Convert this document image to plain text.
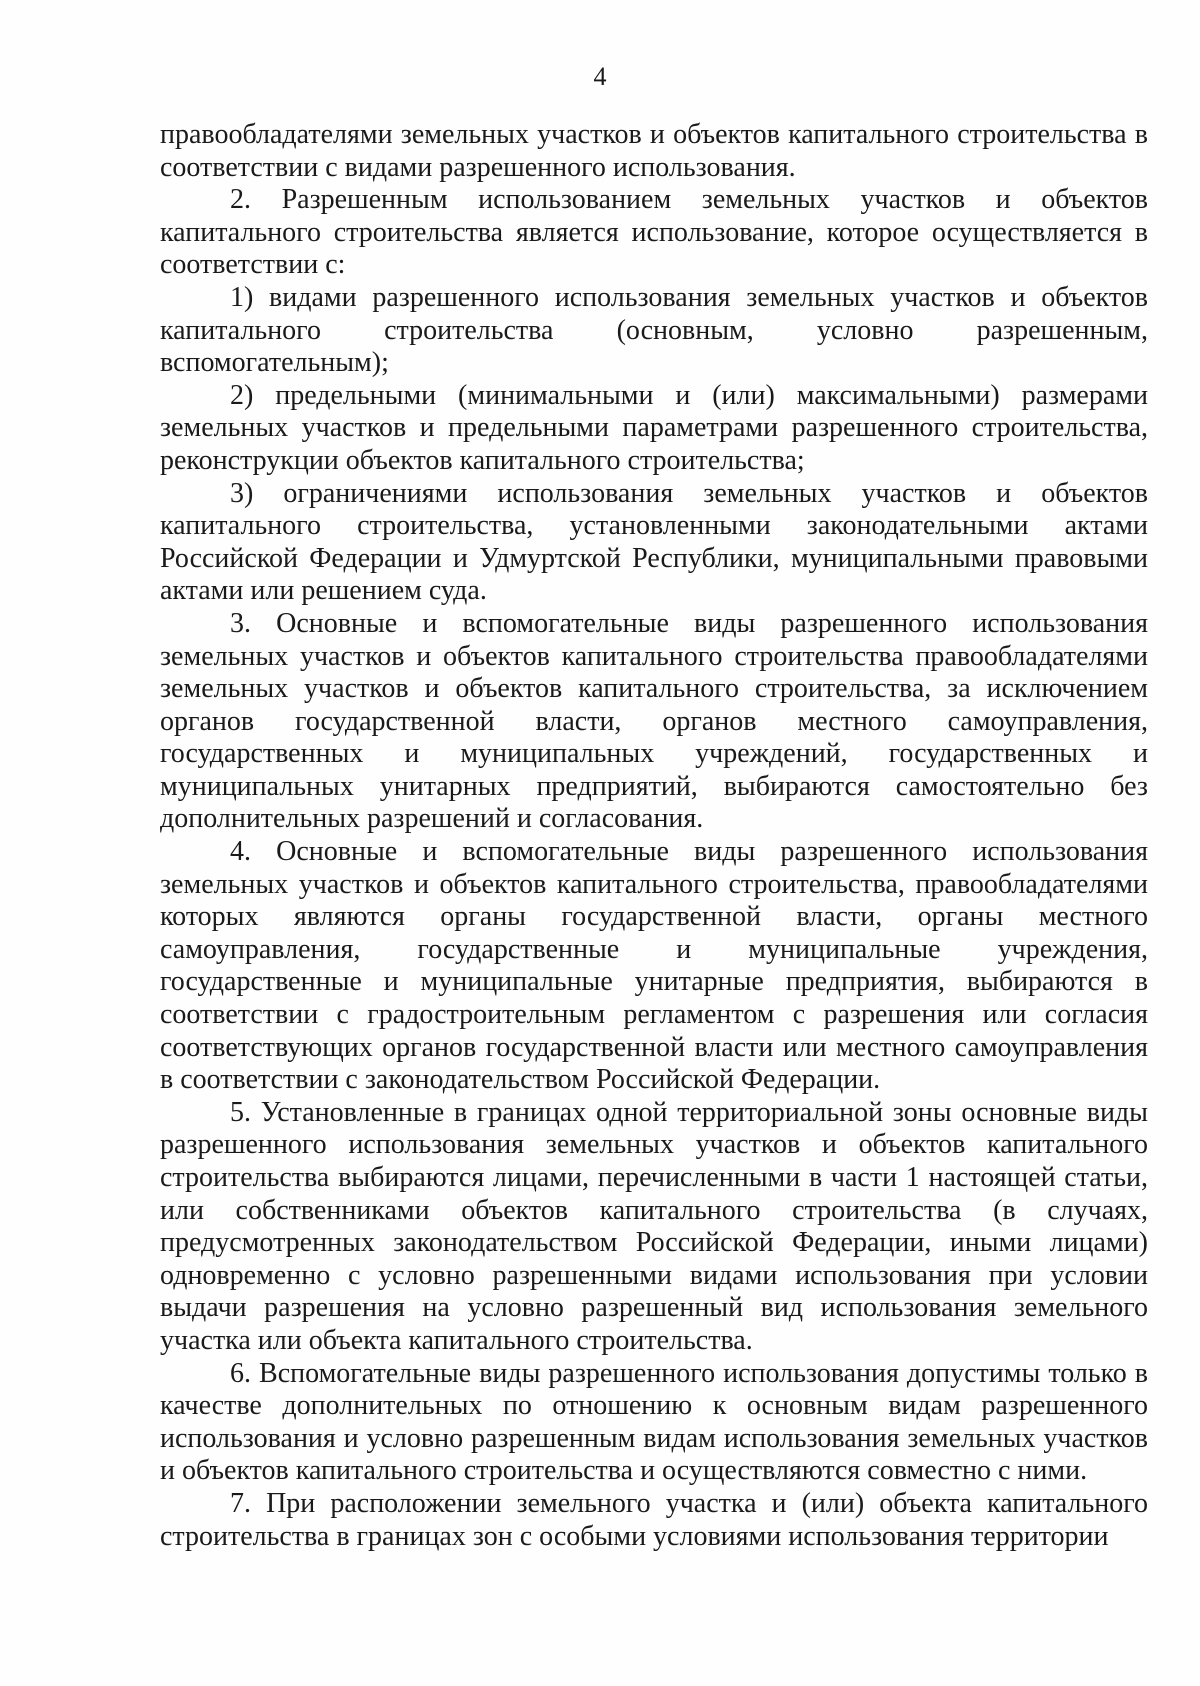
4

правообладателями земельных участков и объектов капитального строительства в соответствии с видами разрешенного использования.

2. Разрешенным использованием земельных участков и объектов капитального строительства является использование, которое осуществляется в соответствии с:

1) видами разрешенного использования земельных участков и объектов капитального строительства (основным, условно разрешенным, вспомогательным);

2) предельными (минимальными и (или) максимальными) размерами земельных участков и предельными параметрами разрешенного строительства, реконструкции объектов капитального строительства;

3) ограничениями использования земельных участков и объектов капитального строительства, установленными законодательными актами Российской Федерации и Удмуртской Республики, муниципальными правовыми актами или решением суда.

3. Основные и вспомогательные виды разрешенного использования земельных участков и объектов капитального строительства правообладателями земельных участков и объектов капитального строительства, за исключением органов государственной власти, органов местного самоуправления, государственных и муниципальных учреждений, государственных и муниципальных унитарных предприятий, выбираются самостоятельно без дополнительных разрешений и согласования.

4. Основные и вспомогательные виды разрешенного использования земельных участков и объектов капитального строительства, правообладателями которых являются органы государственной власти, органы местного самоуправления, государственные и муниципальные учреждения, государственные и муниципальные унитарные предприятия, выбираются в соответствии с градостроительным регламентом с разрешения или согласия соответствующих органов государственной власти или местного самоуправления в соответствии с законодательством Российской Федерации.

5. Установленные в границах одной территориальной зоны основные виды разрешенного использования земельных участков и объектов капитального строительства выбираются лицами, перечисленными в части 1 настоящей статьи, или собственниками объектов капитального строительства (в случаях, предусмотренных законодательством Российской Федерации, иными лицами) одновременно с условно разрешенными видами использования при условии выдачи разрешения на условно разрешенный вид использования земельного участка или объекта капитального строительства.

6. Вспомогательные виды разрешенного использования допустимы только в качестве дополнительных по отношению к основным видам разрешенного использования и условно разрешенным видам использования земельных участков и объектов капитального строительства и осуществляются совместно с ними.

7. При расположении земельного участка и (или) объекта капитального строительства в границах зон с особыми условиями использования территории
